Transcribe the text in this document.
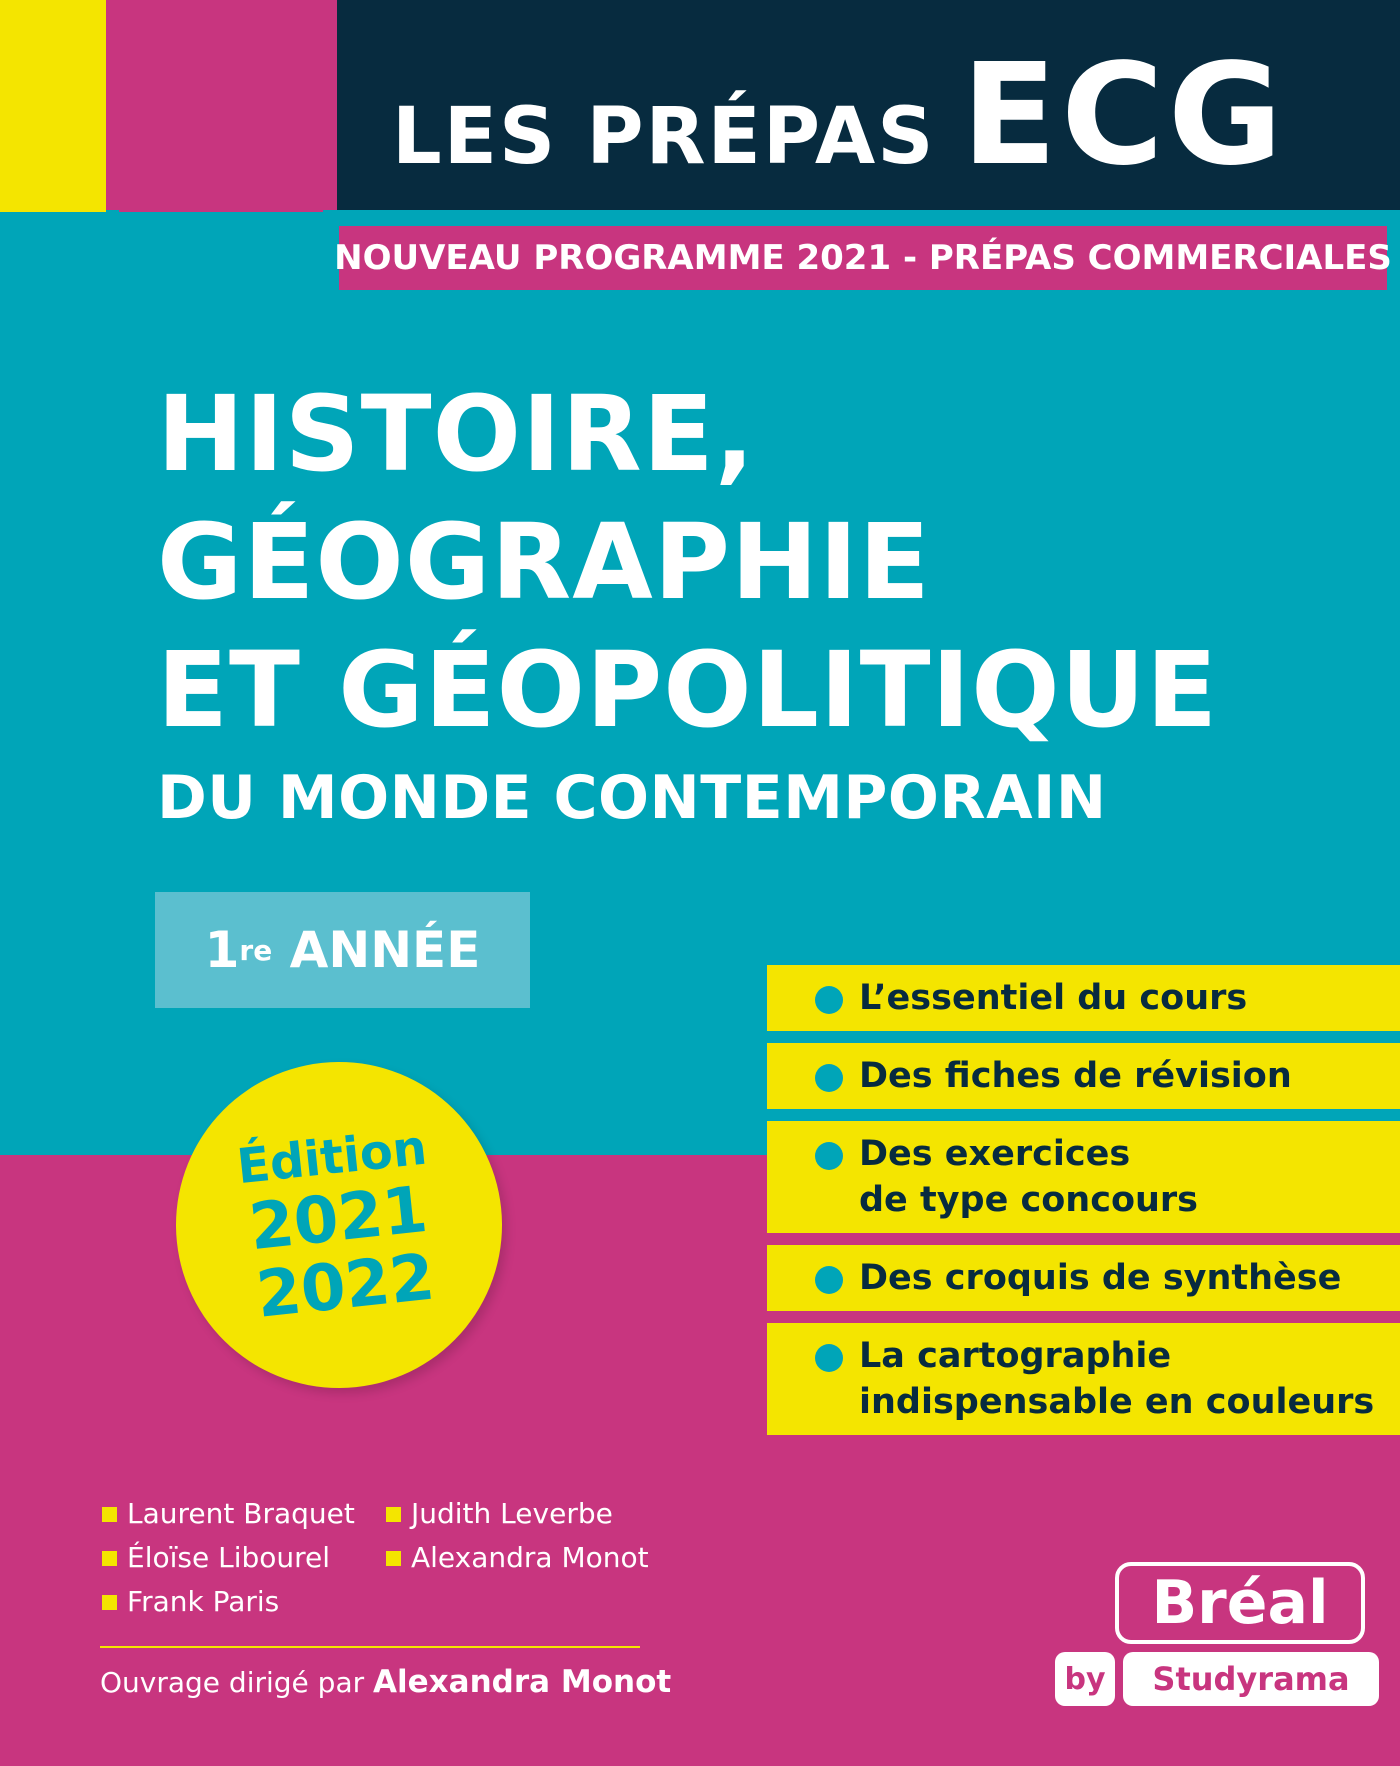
LES PRÉPAS ECG
NOUVEAU PROGRAMME 2021 - PRÉPAS COMMERCIALES
HISTOIRE,
GÉOGRAPHIE
ET GÉOPOLITIQUE
DU MONDE CONTEMPORAIN
1 re
ANNÉE
Édition
2021
2022
L’essentiel du cours
Des fiches de révision
Des exercices
de type concours
Des croquis de synthèse
La cartographie
indispensable en couleurs
Laurent Braquet
Éloïse Libourel
Frank Paris
Judith Leverbe
Alexandra Monot
Ouvrage dirigé par Alexandra Monot
Bréal
by	Studyrama
